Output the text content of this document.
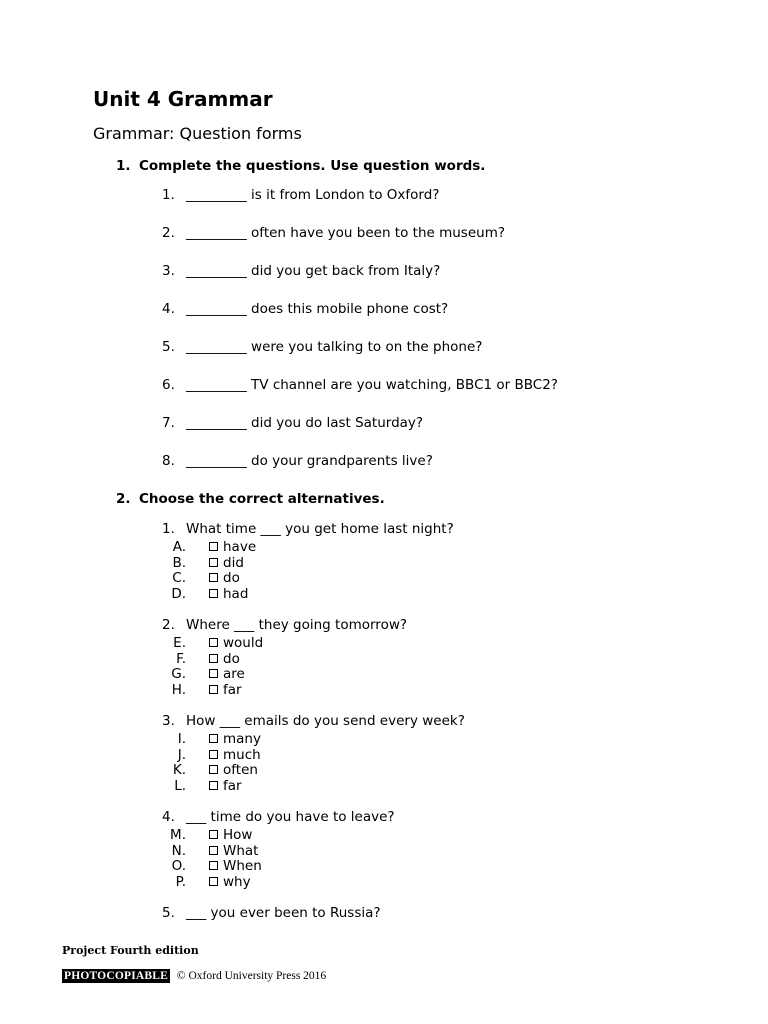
Unit 4 Grammar
Grammar: Question forms
1. Complete the questions. Use question words.
1. _________ is it from London to Oxford?
2. _________ often have you been to the museum?
3. _________ did you get back from Italy?
4. _________ does this mobile phone cost?
5. _________ were you talking to on the phone?
6. _________ TV channel are you watching, BBC1 or BBC2?
7. _________ did you do last Saturday?
8. _________ do your grandparents live?
2. Choose the correct alternatives.
1. What time ___ you get home last night?
A.	have
B.	did
C.	do
D.	had
2. Where ___ they going tomorrow?
E.	would
F.	do
G.	are
H.	far
3. How ___ emails do you send every week?
I.	many
J.	much
K.	often
L.	far
4. ___ time do you have to leave?
M.	How
N.	What
O.	When
P.	why
5. ___ you ever been to Russia?
Project Fourth edition
PHOTOCOPIABLE © Oxford University Press 2016
